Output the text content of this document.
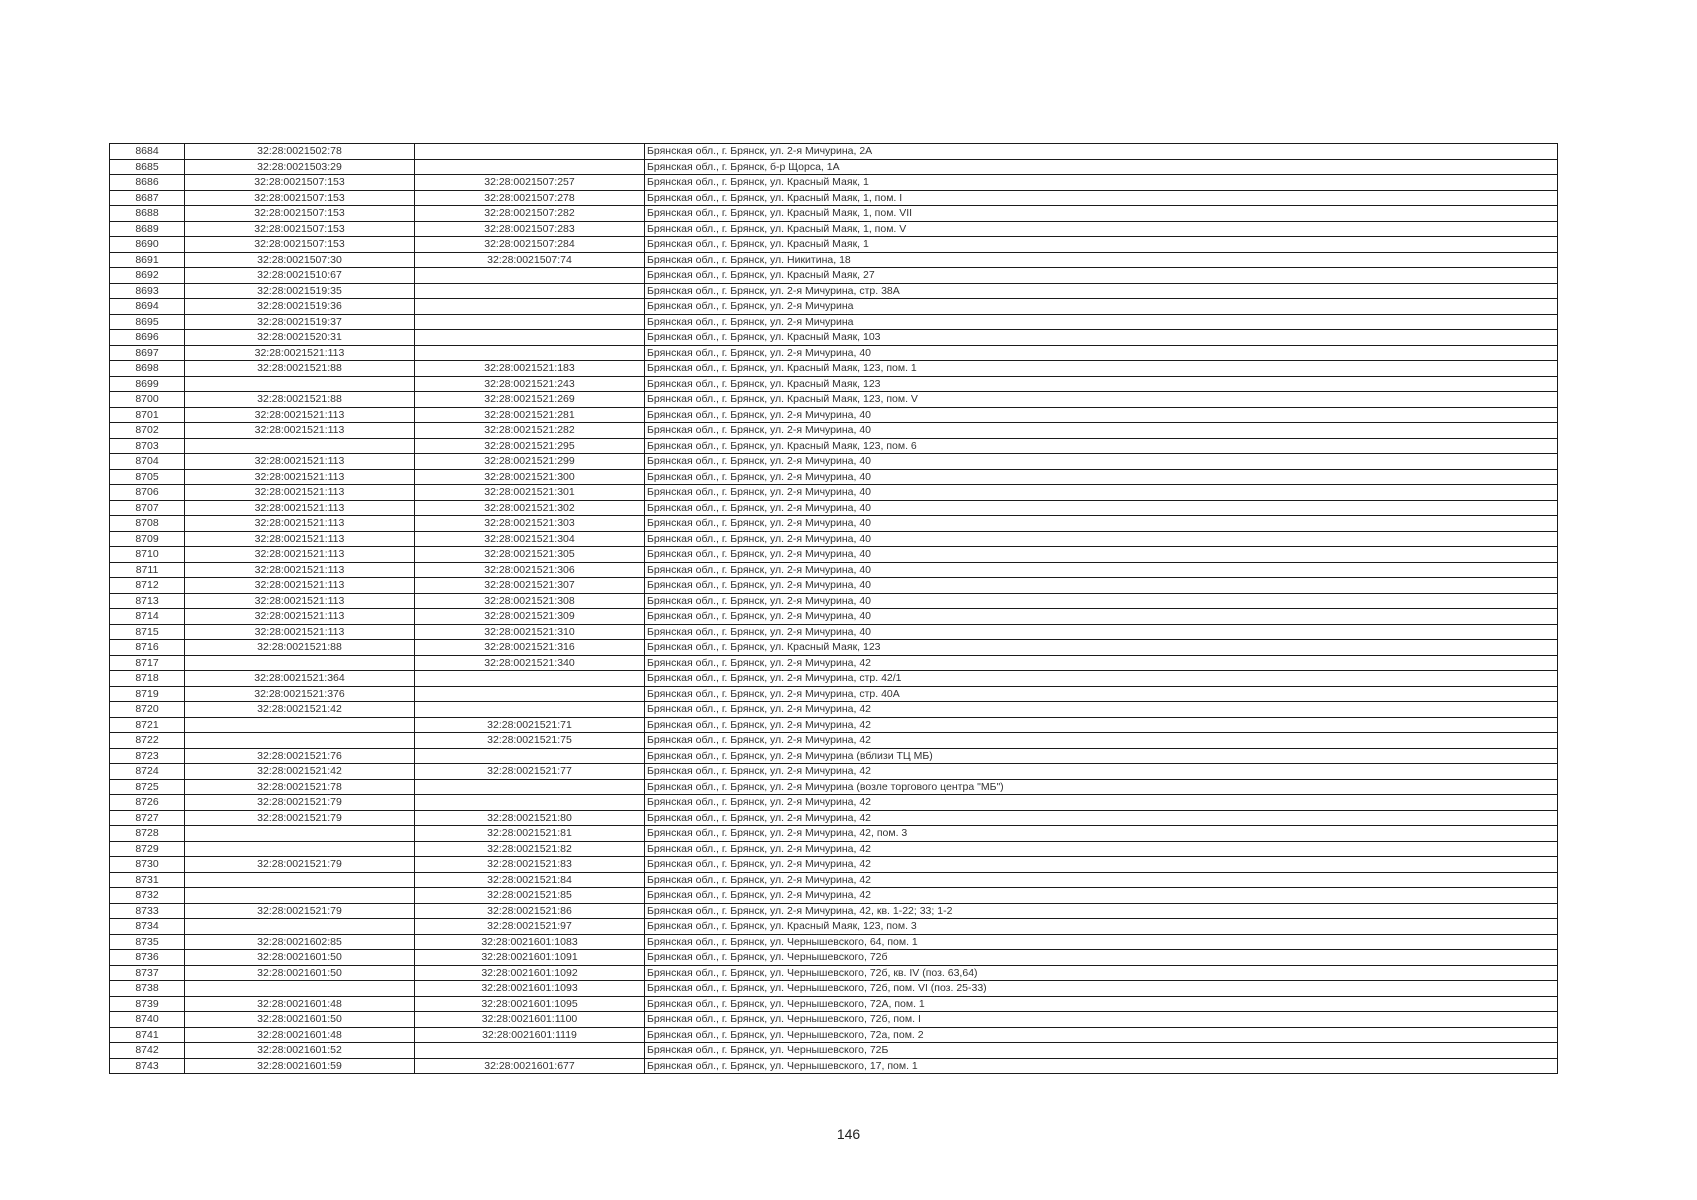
8684	32:28:0021502:78		Брянская обл., г. Брянск, ул. 2-я Мичурина, 2А
8685	32:28:0021503:29		Брянская обл., г. Брянск, б-р Щорса, 1А
8686	32:28:0021507:153	32:28:0021507:257	Брянская обл., г. Брянск, ул. Красный Маяк, 1
8687	32:28:0021507:153	32:28:0021507:278	Брянская обл., г. Брянск, ул. Красный Маяк, 1, пом. I
8688	32:28:0021507:153	32:28:0021507:282	Брянская обл., г. Брянск, ул. Красный Маяк, 1, пом. VII
8689	32:28:0021507:153	32:28:0021507:283	Брянская обл., г. Брянск, ул. Красный Маяк, 1, пом. V
8690	32:28:0021507:153	32:28:0021507:284	Брянская обл., г. Брянск, ул. Красный Маяк, 1
8691	32:28:0021507:30	32:28:0021507:74	Брянская обл., г. Брянск, ул. Никитина, 18
8692	32:28:0021510:67		Брянская обл., г. Брянск, ул. Красный Маяк, 27
8693	32:28:0021519:35		Брянская обл., г. Брянск, ул. 2-я Мичурина, стр. 38А
8694	32:28:0021519:36		Брянская обл., г. Брянск, ул. 2-я Мичурина
8695	32:28:0021519:37		Брянская обл., г. Брянск, ул. 2-я Мичурина
8696	32:28:0021520:31		Брянская обл., г. Брянск, ул. Красный Маяк, 103
8697	32:28:0021521:113		Брянская обл., г. Брянск, ул. 2-я Мичурина, 40
8698	32:28:0021521:88	32:28:0021521:183	Брянская обл., г. Брянск, ул. Красный Маяк, 123, пом. 1
8699		32:28:0021521:243	Брянская обл., г. Брянск, ул. Красный Маяк, 123
8700	32:28:0021521:88	32:28:0021521:269	Брянская обл., г. Брянск, ул. Красный Маяк, 123, пом. V
8701	32:28:0021521:113	32:28:0021521:281	Брянская обл., г. Брянск, ул. 2-я Мичурина, 40
8702	32:28:0021521:113	32:28:0021521:282	Брянская обл., г. Брянск, ул. 2-я Мичурина, 40
8703		32:28:0021521:295	Брянская обл., г. Брянск, ул. Красный Маяк, 123, пом. 6
8704	32:28:0021521:113	32:28:0021521:299	Брянская обл., г. Брянск, ул. 2-я Мичурина, 40
8705	32:28:0021521:113	32:28:0021521:300	Брянская обл., г. Брянск, ул. 2-я Мичурина, 40
8706	32:28:0021521:113	32:28:0021521:301	Брянская обл., г. Брянск, ул. 2-я Мичурина, 40
8707	32:28:0021521:113	32:28:0021521:302	Брянская обл., г. Брянск, ул. 2-я Мичурина, 40
8708	32:28:0021521:113	32:28:0021521:303	Брянская обл., г. Брянск, ул. 2-я Мичурина, 40
8709	32:28:0021521:113	32:28:0021521:304	Брянская обл., г. Брянск, ул. 2-я Мичурина, 40
8710	32:28:0021521:113	32:28:0021521:305	Брянская обл., г. Брянск, ул. 2-я Мичурина, 40
8711	32:28:0021521:113	32:28:0021521:306	Брянская обл., г. Брянск, ул. 2-я Мичурина, 40
8712	32:28:0021521:113	32:28:0021521:307	Брянская обл., г. Брянск, ул. 2-я Мичурина, 40
8713	32:28:0021521:113	32:28:0021521:308	Брянская обл., г. Брянск, ул. 2-я Мичурина, 40
8714	32:28:0021521:113	32:28:0021521:309	Брянская обл., г. Брянск, ул. 2-я Мичурина, 40
8715	32:28:0021521:113	32:28:0021521:310	Брянская обл., г. Брянск, ул. 2-я Мичурина, 40
8716	32:28:0021521:88	32:28:0021521:316	Брянская обл., г. Брянск, ул. Красный Маяк, 123
8717		32:28:0021521:340	Брянская обл., г. Брянск, ул. 2-я Мичурина, 42
8718	32:28:0021521:364		Брянская обл., г. Брянск, ул. 2-я Мичурина, стр. 42/1
8719	32:28:0021521:376		Брянская обл., г. Брянск, ул. 2-я Мичурина, стр. 40А
8720	32:28:0021521:42		Брянская обл., г. Брянск, ул. 2-я Мичурина, 42
8721		32:28:0021521:71	Брянская обл., г. Брянск, ул. 2-я Мичурина, 42
8722		32:28:0021521:75	Брянская обл., г. Брянск, ул. 2-я Мичурина, 42
8723	32:28:0021521:76		Брянская обл., г. Брянск, ул. 2-я Мичурина (вблизи ТЦ МБ)
8724	32:28:0021521:42	32:28:0021521:77	Брянская обл., г. Брянск, ул. 2-я Мичурина, 42
8725	32:28:0021521:78		Брянская обл., г. Брянск, ул. 2-я Мичурина (возле торгового центра "МБ")
8726	32:28:0021521:79		Брянская обл., г. Брянск, ул. 2-я Мичурина, 42
8727	32:28:0021521:79	32:28:0021521:80	Брянская обл., г. Брянск, ул. 2-я Мичурина, 42
8728		32:28:0021521:81	Брянская обл., г. Брянск, ул. 2-я Мичурина, 42, пом. 3
8729		32:28:0021521:82	Брянская обл., г. Брянск, ул. 2-я Мичурина, 42
8730	32:28:0021521:79	32:28:0021521:83	Брянская обл., г. Брянск, ул. 2-я Мичурина, 42
8731		32:28:0021521:84	Брянская обл., г. Брянск, ул. 2-я Мичурина, 42
8732		32:28:0021521:85	Брянская обл., г. Брянск, ул. 2-я Мичурина, 42
8733	32:28:0021521:79	32:28:0021521:86	Брянская обл., г. Брянск, ул. 2-я Мичурина, 42, кв. 1-22; 33; 1-2
8734		32:28:0021521:97	Брянская обл., г. Брянск, ул. Красный Маяк, 123, пом. 3
8735	32:28:0021602:85	32:28:0021601:1083	Брянская обл., г. Брянск, ул. Чернышевского, 64, пом. 1
8736	32:28:0021601:50	32:28:0021601:1091	Брянская обл., г. Брянск, ул. Чернышевского, 72б
8737	32:28:0021601:50	32:28:0021601:1092	Брянская обл., г. Брянск, ул. Чернышевского, 72б, кв. IV (поз. 63,64)
8738		32:28:0021601:1093	Брянская обл., г. Брянск, ул. Чернышевского, 72б, пом. VI (поз. 25-33)
8739	32:28:0021601:48	32:28:0021601:1095	Брянская обл., г. Брянск, ул. Чернышевского, 72А, пом. 1
8740	32:28:0021601:50	32:28:0021601:1100	Брянская обл., г. Брянск, ул. Чернышевского, 72б, пом. I
8741	32:28:0021601:48	32:28:0021601:1119	Брянская обл., г. Брянск, ул. Чернышевского, 72а, пом. 2
8742	32:28:0021601:52		Брянская обл., г. Брянск, ул. Чернышевского, 72Б
8743	32:28:0021601:59	32:28:0021601:677	Брянская обл., г. Брянск, ул. Чернышевского, 17, пом. 1
146
